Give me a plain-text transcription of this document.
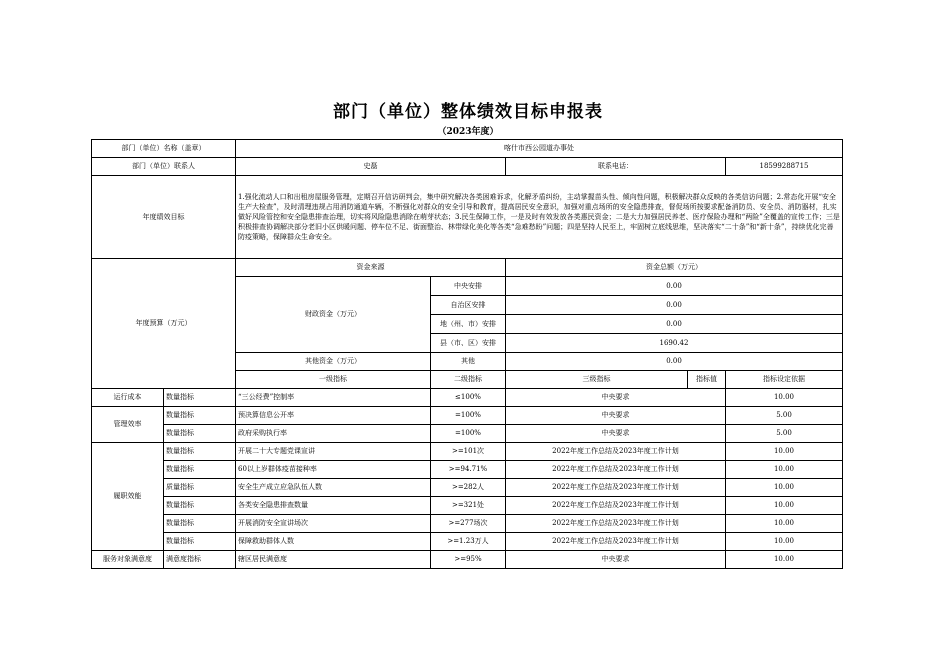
部门（单位）整体绩效目标申报表
（2023年度）
部门（单位）名称（盖章）		喀什市西公园道办事处					
部门（单位）联系人		史磊		联系电话：		18599288715	
年度绩效目标		1.强化流动人口和出租房屋服务管理，定期召开信访研判会，集中研究解决各类困难诉求，化解矛盾纠纷，主动掌握苗头性、倾向性问题，积极解决群众反映的各类信访问题；2.常态化开展“安全生产大检查”，及时清理违规占用消防通道车辆，不断强化对群众的安全引导和教育，提高居民安全意识，加强对重点场所的安全隐患排查，督促场所按要求配备消防员、安全员、消防器材，扎实做好风险管控和安全隐患排查治理，切实将风险隐患消除在萌芽状态；3.民生保障工作，一是及时有效发放各类惠民资金；二是大力加强居民养老、医疗保险办理和“两险”全覆盖的宣传工作；三是积极排查协调解决部分老旧小区供暖问题、停车位不足、街面整治、林带绿化美化等各类“急难愁盼”问题；四是坚持人民至上，牢固树立底线思维，坚决落实“二十条”和“新十条”，持续优化完善防疫策略，保障群众生命安全。					
年度预算（万元）		资金来源		资金总额（万元）			
		财政资金（万元）	中央安排	0.00			
			自治区安排	0.00			
			地（州、市）安排	0.00			
			县（市、区）安排	1690.42			
		其他资金（万元）	其他	0.00			
		一级指标	二级指标	三级指标	指标值	指标设定依据	
运行成本	数量指标	“三公经费”控制率	≤100%	中央要求		10.00	
管理效率	数量指标	预决算信息公开率	=100%	中央要求		5.00	
	数量指标	政府采购执行率	=100%	中央要求		5.00	
履职效能	数量指标	开展二十大专题党课宣讲	>=101次	2022年度工作总结及2023年度工作计划		10.00	
	数量指标	60以上岁群体疫苗接种率	>=94.71%	2022年度工作总结及2023年度工作计划		10.00	
	质量指标	安全生产成立应急队伍人数	>=282人	2022年度工作总结及2023年度工作计划		10.00	
	数量指标	各类安全隐患排查数量	>=321处	2022年度工作总结及2023年度工作计划		10.00	
	数量指标	开展消防安全宣讲场次	>=277场次	2022年度工作总结及2023年度工作计划		10.00	
	数量指标	保障救助群体人数	>=1.23万人	2022年度工作总结及2023年度工作计划		10.00	
服务对象满意度	满意度指标	辖区居民满意度	>=95%	中央要求		10.00	
